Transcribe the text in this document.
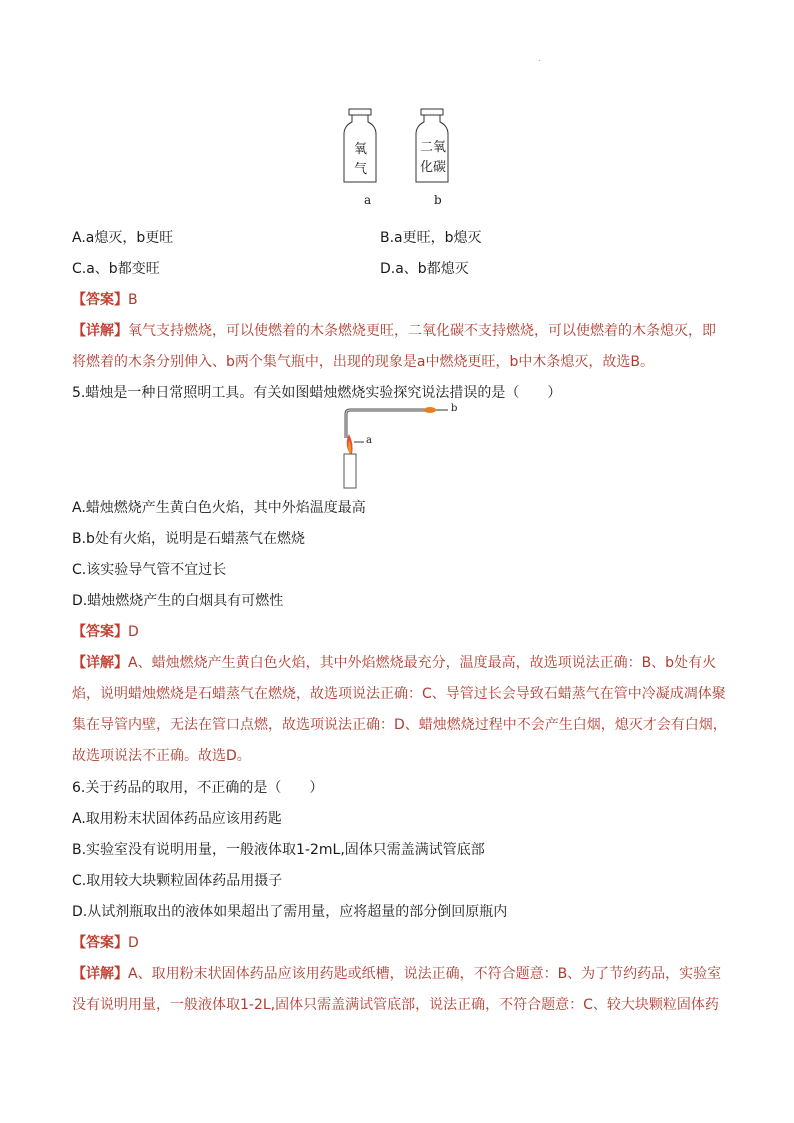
.
氧
气
二氧
化碳
a	b
A.a熄灭，b更旺	B.a更旺，b熄灭
C.a、b都变旺	D.a、b都熄灭
【答案】B
【详解】氧气支持燃烧，可以使燃着的木条燃烧更旺，二氧化碳不支持燃烧，可以使燃着的木条熄灭，即
将燃着的木条分别伸入、b两个集气瓶中，出现的现象是a中燃烧更旺，b中木条熄灭，故选B。
5.蜡烛是一种日常照明工具。有关如图蜡烛燃烧实验探究说法措误的是（　　）
b
a
A.蜡烛燃烧产生黄白色火焰，其中外焰温度最高
B.b处有火焰，说明是石蜡蒸气在燃烧
C.该实验导气管不宜过长
D.蜡烛燃烧产生的白烟具有可燃性
【答案】D
【详解】A、蜡烛燃烧产生黄白色火焰，其中外焰燃烧最充分，温度最高，故选项说法正确：B、b处有火
焰，说明蜡烛燃烧是石蜡蒸气在燃烧，故选项说法正确：C、导管过长会导致石蜡蒸气在管中冷凝成凋体聚
集在导管内壁，无法在管口点燃，故选项说法正确：D、蜡烛燃烧过程中不会产生白烟，熄灭才会有白烟，
故选项说法不正确。故选D。
6.关于药品的取用，不正确的是（　　）
A.取用粉末状固体药品应该用药匙
B.实验室没有说明用量，一般液体取1-2mL,固体只需盖满试管底部
C.取用较大块颗粒固体药品用摄子
D.从试剂瓶取出的液体如果超出了需用量，应将超量的部分倒回原瓶内
【答案】D
【详解】A、取用粉末状固体药品应该用药匙或纸槽，说法正确，不符合题意：B、为了节约药品，实验室
没有说明用量，一般液体取1-2L,固体只需盖满试管底部，说法正确，不符合题意：C、较大块颗粒固体药
